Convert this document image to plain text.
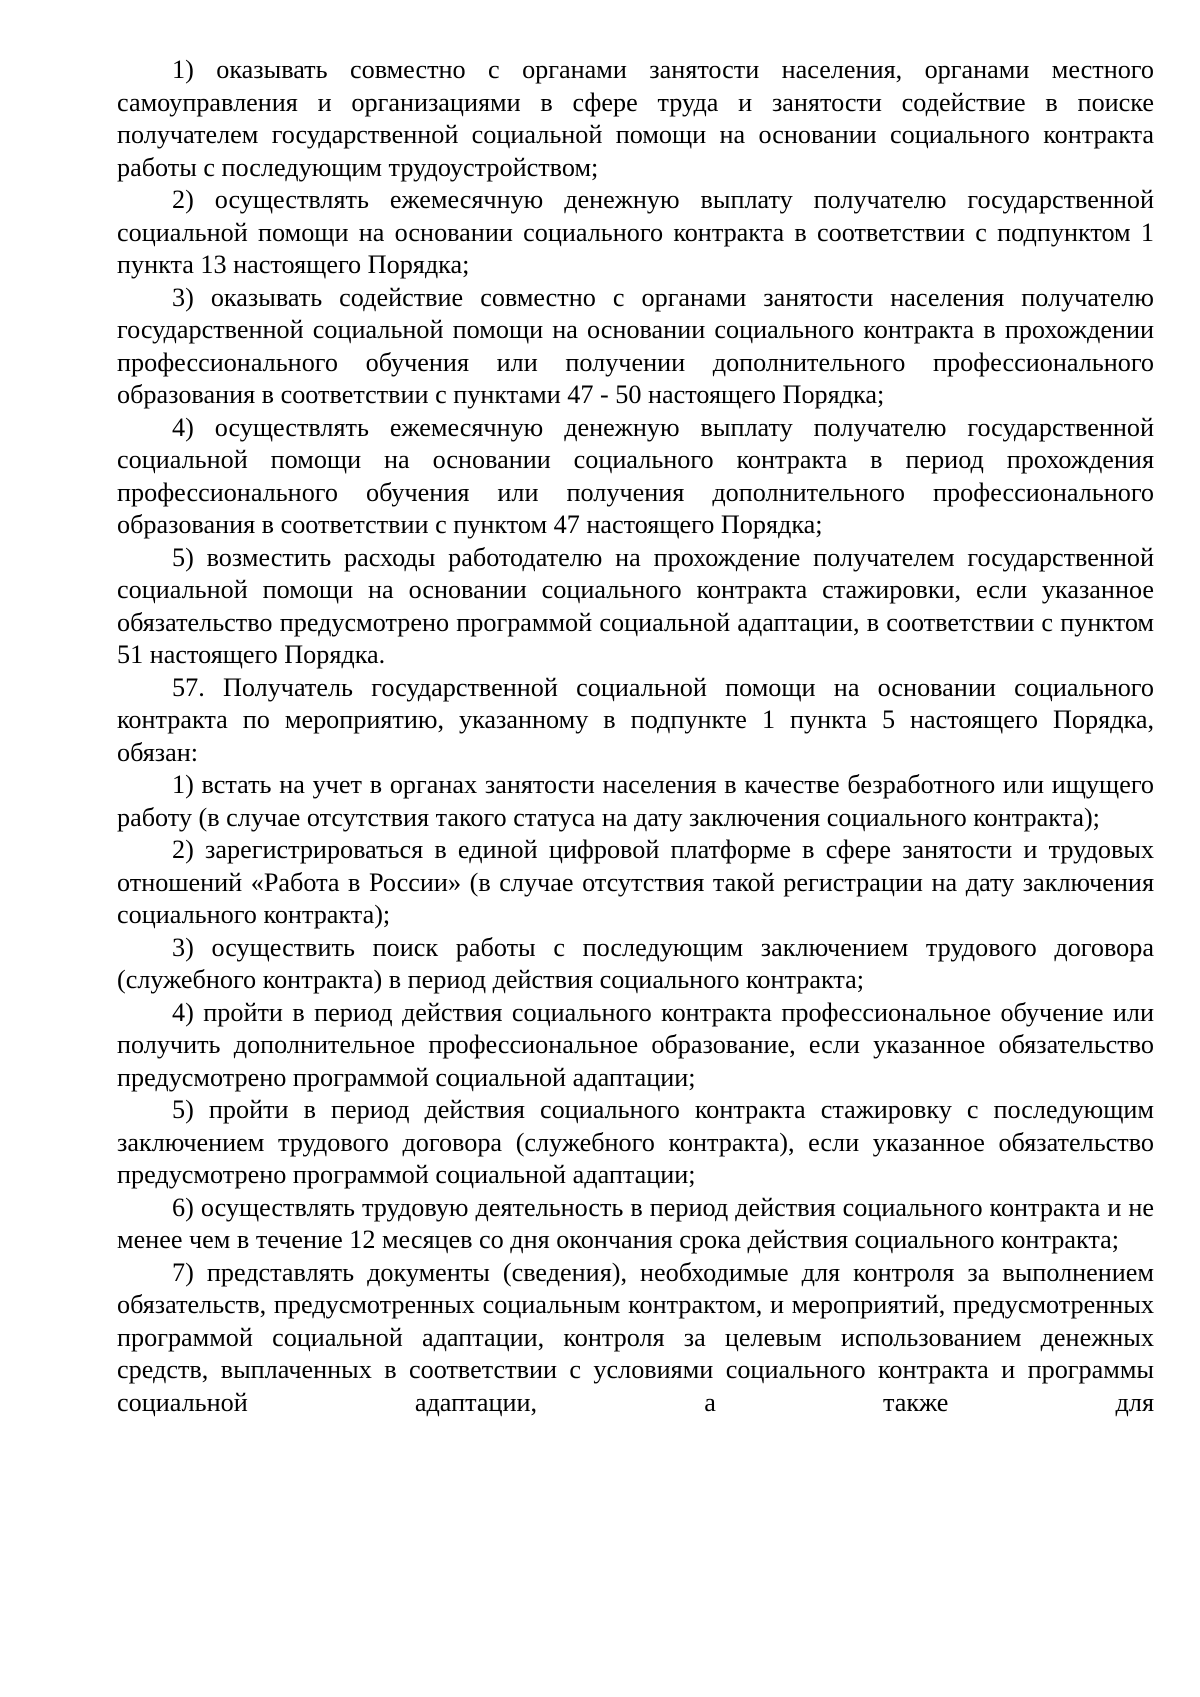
1) оказывать совместно с органами занятости населения, органами местного самоуправления и организациями в сфере труда и занятости содействие в поиске получателем государственной социальной помощи на основании социального контракта работы с последующим трудоустройством;

2) осуществлять ежемесячную денежную выплату получателю государственной социальной помощи на основании социального контракта в соответствии с подпунктом 1 пункта 13 настоящего Порядка;

3) оказывать содействие совместно с органами занятости населения получателю государственной социальной помощи на основании социального контракта в прохождении профессионального обучения или получении дополнительного профессионального образования в соответствии с пунктами 47 - 50 настоящего Порядка;

4) осуществлять ежемесячную денежную выплату получателю государственной социальной помощи на основании социального контракта в период прохождения профессионального обучения или получения дополнительного профессионального образования в соответствии с пунктом 47 настоящего Порядка;

5) возместить расходы работодателю на прохождение получателем государственной социальной помощи на основании социального контракта стажировки, если указанное обязательство предусмотрено программой социальной адаптации, в соответствии с пунктом 51 настоящего Порядка.

57. Получатель государственной социальной помощи на основании социального контракта по мероприятию, указанному в подпункте 1 пункта 5 настоящего Порядка, обязан:

1) встать на учет в органах занятости населения в качестве безработного или ищущего работу (в случае отсутствия такого статуса на дату заключения социального контракта);

2) зарегистрироваться в единой цифровой платформе в сфере занятости и трудовых отношений «Работа в России» (в случае отсутствия такой регистрации на дату заключения социального контракта);

3) осуществить поиск работы с последующим заключением трудового договора (служебного контракта) в период действия социального контракта;

4) пройти в период действия социального контракта профессиональное обучение или получить дополнительное профессиональное образование, если указанное обязательство предусмотрено программой социальной адаптации;

5) пройти в период действия социального контракта стажировку с последующим заключением трудового договора (служебного контракта), если указанное обязательство предусмотрено программой социальной адаптации;

6) осуществлять трудовую деятельность в период действия социального контракта и не менее чем в течение 12 месяцев со дня окончания срока действия социального контракта;

7) представлять документы (сведения), необходимые для контроля за выполнением обязательств, предусмотренных социальным контрактом, и мероприятий, предусмотренных программой социальной адаптации, контроля за целевым использованием денежных средств, выплаченных в соответствии с условиями социального контракта и программы социальной адаптации, а также для
